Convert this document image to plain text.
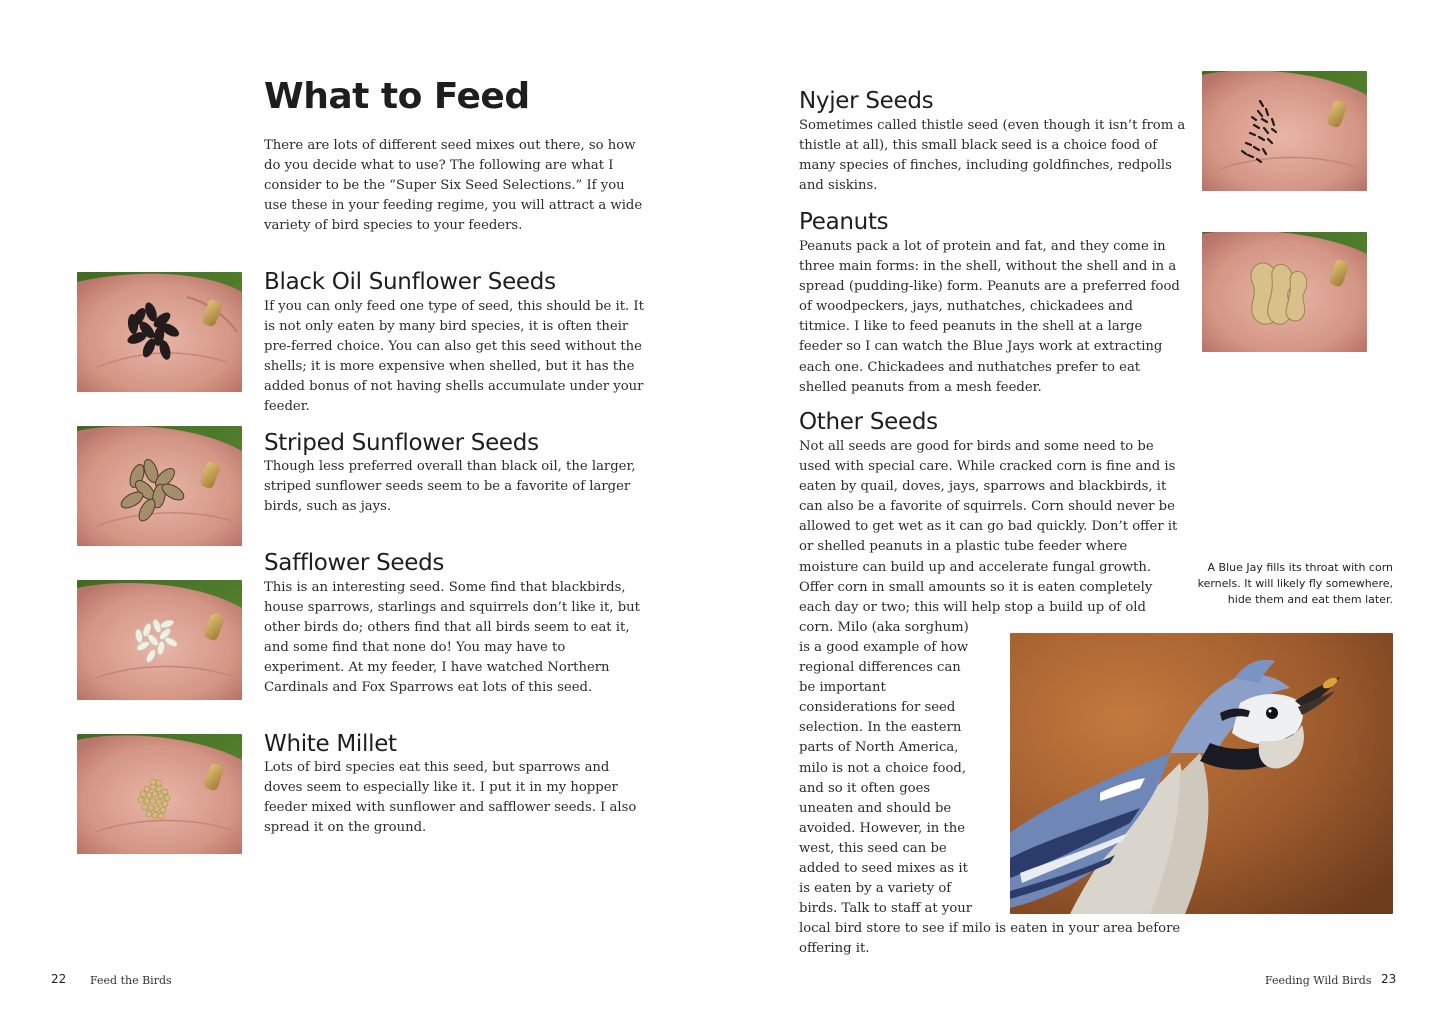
What to Feed

There are lots of different seed mixes out there, so how do you decide what to use? The following are what I consider to be the “Super Six Seed Selections.” If you use these in your feeding regime, you will attract a wide variety of bird species to your feeders.

Black Oil Sunflower Seeds

If you can only feed one type of seed, this should be it. It is not only eaten by many bird species, it is often their pre-ferred choice. You can also get this seed without the shells; it is more expensive when shelled, but it has the added bonus of not having shells accumulate under your feeder.

Striped Sunflower Seeds

Though less preferred overall than black oil, the larger, striped sunflower seeds seem to be a favorite of larger birds, such as jays.

Safflower Seeds

This is an interesting seed. Some find that blackbirds, house sparrows, starlings and squirrels don’t like it, but other birds do; others find that all birds seem to eat it, and some find that none do! You may have to experiment. At my feeder, I have watched Northern Cardinals and Fox Sparrows eat lots of this seed.

White Millet

Lots of bird species eat this seed, but sparrows and doves seem to especially like it. I put it in my hopper feeder mixed with sunflower and safflower seeds. I also spread it on the ground.

22 Feed the Birds
Nyjer Seeds

Sometimes called thistle seed (even though it isn’t from a thistle at all), this small black seed is a choice food of many species of finches, including goldfinches, redpolls and siskins.

Peanuts

Peanuts pack a lot of protein and fat, and they come in three main forms: in the shell, without the shell and in a spread (pudding-like) form. Peanuts are a preferred food of woodpeckers, jays, nuthatches, chickadees and titmice. I like to feed peanuts in the shell at a large feeder so I can watch the Blue Jays work at extracting each one. Chickadees and nuthatches prefer to eat shelled peanuts from a mesh feeder.

Other Seeds

Not all seeds are good for birds and some need to be used with special care. While cracked corn is fine and is eaten by quail, doves, jays, sparrows and blackbirds, it can also be a favorite of squirrels. Corn should never be allowed to get wet as it can go bad quickly. Don’t offer it or shelled peanuts in a plastic tube feeder where moisture can build up and accelerate fungal growth. Offer corn in small amounts so it is eaten completely each day or two; this will help stop a build up of old corn. Milo (aka sorghum) is a good example of how regional differences can be important considerations for seed selection. In the eastern parts of North America, milo is not a choice food, and so it often goes uneaten and should be avoided. However, in the west, this seed can be added to seed mixes as it is eaten by a variety of birds. Talk to staff at your local bird store to see if milo is eaten in your area before offering it.

A Blue Jay fills its throat with corn kernels. It will likely fly somewhere, hide them and eat them later.
Feeding Wild Birds 23
